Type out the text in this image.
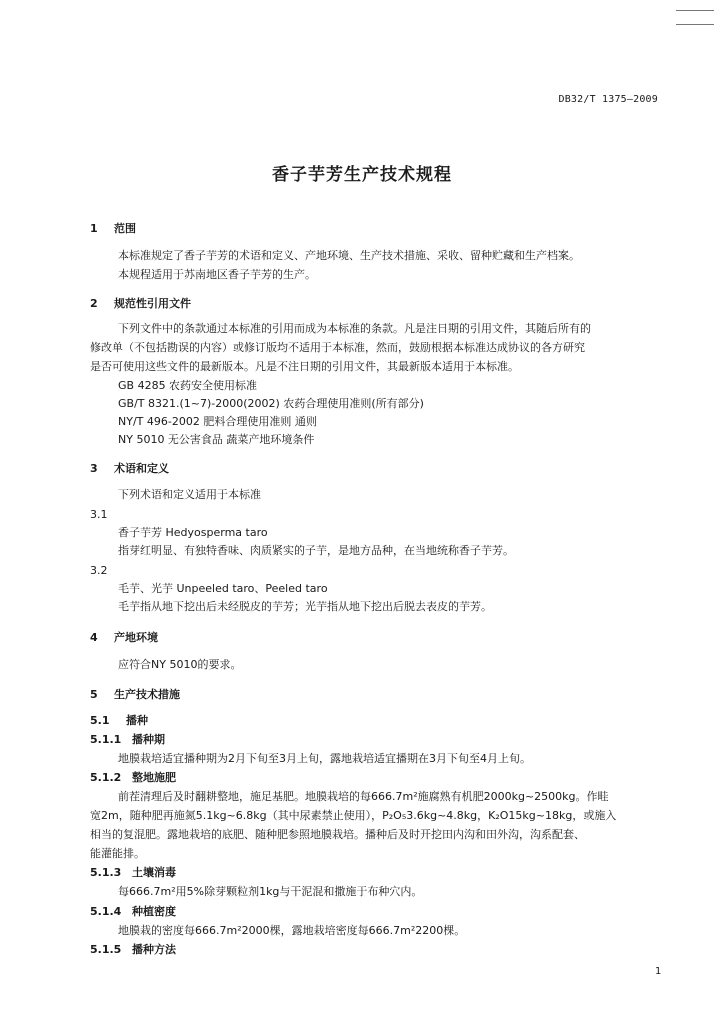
DB32/T 1375—2009
香子芋芳生产技术规程
1 范围
本标准规定了香子芋芳的术语和定义、产地环境、生产技术措施、采收、留种贮藏和生产档案。
本规程适用于苏南地区香子芋芳的生产。
2 规范性引用文件
下列文件中的条款通过本标准的引用而成为本标准的条款。凡是注日期的引用文件，其随后所有的
修改单（不包括勘误的内容）或修订版均不适用于本标准，然而，鼓励根据本标准达成协议的各方研究
是否可使用这些文件的最新版本。凡是不注日期的引用文件，其最新版本适用于本标准。
GB 4285 农药安全使用标准
GB/T 8321.(1~7)-2000(2002) 农药合理使用准则(所有部分)
NY/T 496-2002 肥料合理使用准则 通则
NY 5010 无公害食品 蔬菜产地环境条件
3 术语和定义
下列术语和定义适用于本标准
3.1
香子芋芳 Hedyosperma taro
指芽红明显、有独特香味、肉质紧实的子芋，是地方品种，在当地统称香子芋芳。
3.2
毛芋、光芋 Unpeeled taro、Peeled taro
毛芋指从地下挖出后未经脱皮的芋芳；光芋指从地下挖出后脱去表皮的芋芳。
4 产地环境
应符合NY 5010的要求。
5 生产技术措施
5.1 播种
5.1.1 播种期
地膜栽培适宜播种期为2月下旬至3月上旬，露地栽培适宜播期在3月下旬至4月上旬。
5.1.2 整地施肥
前茬清理后及时翻耕整地，施足基肥。地膜栽培的每666.7m²施腐熟有机肥2000kg~2500kg。作畦
宽2m，随种肥再施氮5.1kg~6.8kg（其中尿素禁止使用），P₂O₅3.6kg~4.8kg，K₂O15kg~18kg，或施入
相当的复混肥。露地栽培的底肥、随种肥参照地膜栽培。播种后及时开挖田内沟和田外沟，沟系配套、
能灌能排。
5.1.3 土壤消毒
每666.7m²用5%除芽颗粒剂1kg与干泥混和撒施于布种穴内。
5.1.4 种植密度
地膜栽的密度每666.7m²2000棵，露地栽培密度每666.7m²2200棵。
5.1.5 播种方法
1
